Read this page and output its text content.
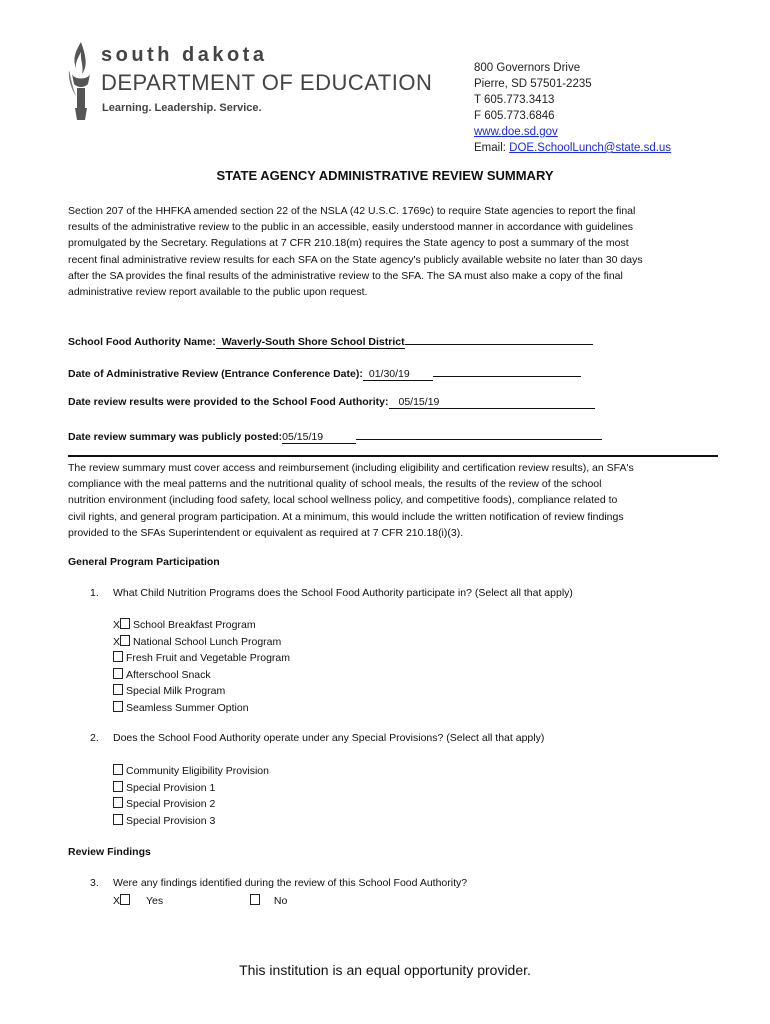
south dakota
DEPARTMENT OF EDUCATION
Learning. Leadership. Service.
800 Governors Drive
Pierre, SD 57501-2235
T 605.773.3413
F 605.773.6846
www.doe.sd.gov
Email: DOE.SchoolLunch@state.sd.us
STATE AGENCY ADMINISTRATIVE REVIEW SUMMARY

Section 207 of the HHFKA amended section 22 of the NSLA (42 U.S.C. 1769c) to require State agencies to report the final

results of the administrative review to the public in an accessible, easily understood manner in accordance with guidelines

promulgated by the Secretary. Regulations at 7 CFR 210.18(m) requires the State agency to post a summary of the most

recent final administrative review results for each SFA on the State agency's publicly available website no later than 30 days

after the SA provides the final results of the administrative review to the SFA. The SA must also make a copy of the final

administrative review report available to the public upon request.

School Food Authority Name: Waverly-South Shore School District
Date of Administrative Review (Entrance Conference Date): 01/30/19
Date review results were provided to the School Food Authority: 05/15/19
Date review summary was publicly posted:05/15/19

The review summary must cover access and reimbursement (including eligibility and certification review results), an SFA's

compliance with the meal patterns and the nutritional quality of school meals, the results of the review of the school

nutrition environment (including food safety, local school wellness policy, and competitive foods), compliance related to

civil rights, and general program participation. At a minimum, this would include the written notification of review findings

provided to the SFAs Superintendent or equivalent as required at 7 CFR 210.18(i)(3).

General Program Participation
1. What Child Nutrition Programs does the School Food Authority participate in? (Select all that apply)
X School Breakfast Program
X National School Lunch Program
Fresh Fruit and Vegetable Program
Afterschool Snack
Special Milk Program
Seamless Summer Option
2. Does the School Food Authority operate under any Special Provisions? (Select all that apply)
Community Eligibility Provision
Special Provision 1
Special Provision 2
Special Provision 3
Review Findings
3. Were any findings identified during the review of this School Food Authority?
X Yes	No
This institution is an equal opportunity provider.
